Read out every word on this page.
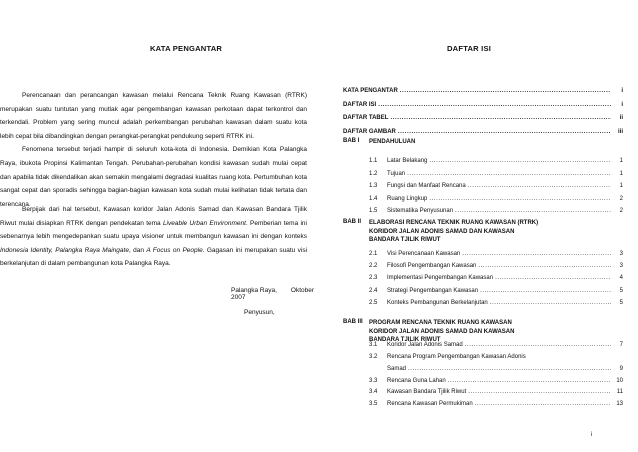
KATA PENGANTAR
Perencanaan dan perancangan kawasan melalui Rencana Teknik Ruang Kawasan (RTRK) merupakan suatu tuntutan yang mutlak agar pengembangan kawasan perkotaan dapat terkontrol dan terkendali. Problem yang sering muncul adalah perkembangan perubahan kawasan dalam suatu kota lebih cepat bila dibandingkan dengan perangkat-perangkat pendukung seperti RTRK ini.
Fenomena tersebut terjadi hampir di seluruh kota-kota di Indonesia. Demikian Kota Palangka Raya, ibukota Propinsi Kalimantan Tengah. Perubahan-perubahan kondisi kawasan sudah mulai cepat dan apabila tidak dikendalikan akan semakin mengalami degradasi kualitas ruang kota. Pertumbuhan kota sangat cepat dan sporadis sehingga bagian-bagian kawasan kota sudah mulai kelihatan tidak tertata dan terencana.
Berpijak dari hal tersebut, Kawasan koridor Jalan Adonis Samad dan Kawasan Bandara Tjilik Riwut mulai disiapkan RTRK dengan pendekatan tema Liveable Urban Environment. Pemberian tema ini sebenarnya lebih mengedepankan suatu upaya visioner untuk membangun kawasan ini dengan konteks Indonesia Identity, Palangka Raya Maingate, dan A Focus on People. Gagasan ini merupakan suatu visi berkelanjutan di dalam pembangunan kota Palangka Raya.
Palangka Raya, Oktober 2007
Penyusun,
DAFTAR ISI
KATA PENGANTAR .....	i
DAFTAR ISI .....	i
DAFTAR TABEL .....	ii
DAFTAR GAMBAR .....	iii
BAB I	PENDAHULUAN
1.1	Latar Belakang .....	1
1.2	Tujuan .....	1
1.3	Fungsi dan Manfaat Rencana .....	1
1.4	Ruang Lingkup .....	2
1.5	Sistematika Penyusunan .....	2
BAB II	ELABORASI RENCANA TEKNIK RUANG KAWASAN (RTRK) KORIDOR JALAN ADONIS SAMAD DAN KAWASAN BANDARA TJILIK RIWUT
2.1	Visi Perencanaan Kawasan .....	3
2.2	Filosofi Pengembangan Kawasan .....	3
2.3	Implementasi Pengembangan Kawasan .....	4
2.4	Strategi Pengembangan Kawasan .....	5
2.5	Konteks Pembangunan Berkelanjutan .....	5
BAB III	PROGRAM RENCANA TEKNIK RUANG KAWASAN KORIDOR JALAN ADONIS SAMAD DAN KAWASAN BANDARA TJILIK RIWUT
3.1	Koridor Jalan Adonis Samad .....	7
3.2	Rencana Program Pengembangan Kawasan Adonis
Samad .....	9
3.3	Rencana Guna Lahan .....	10
3.4	Kawasan Bandara Tjilik Riwut .....	11
3.5	Rencana Kawasan Permukiman .....	13
i
